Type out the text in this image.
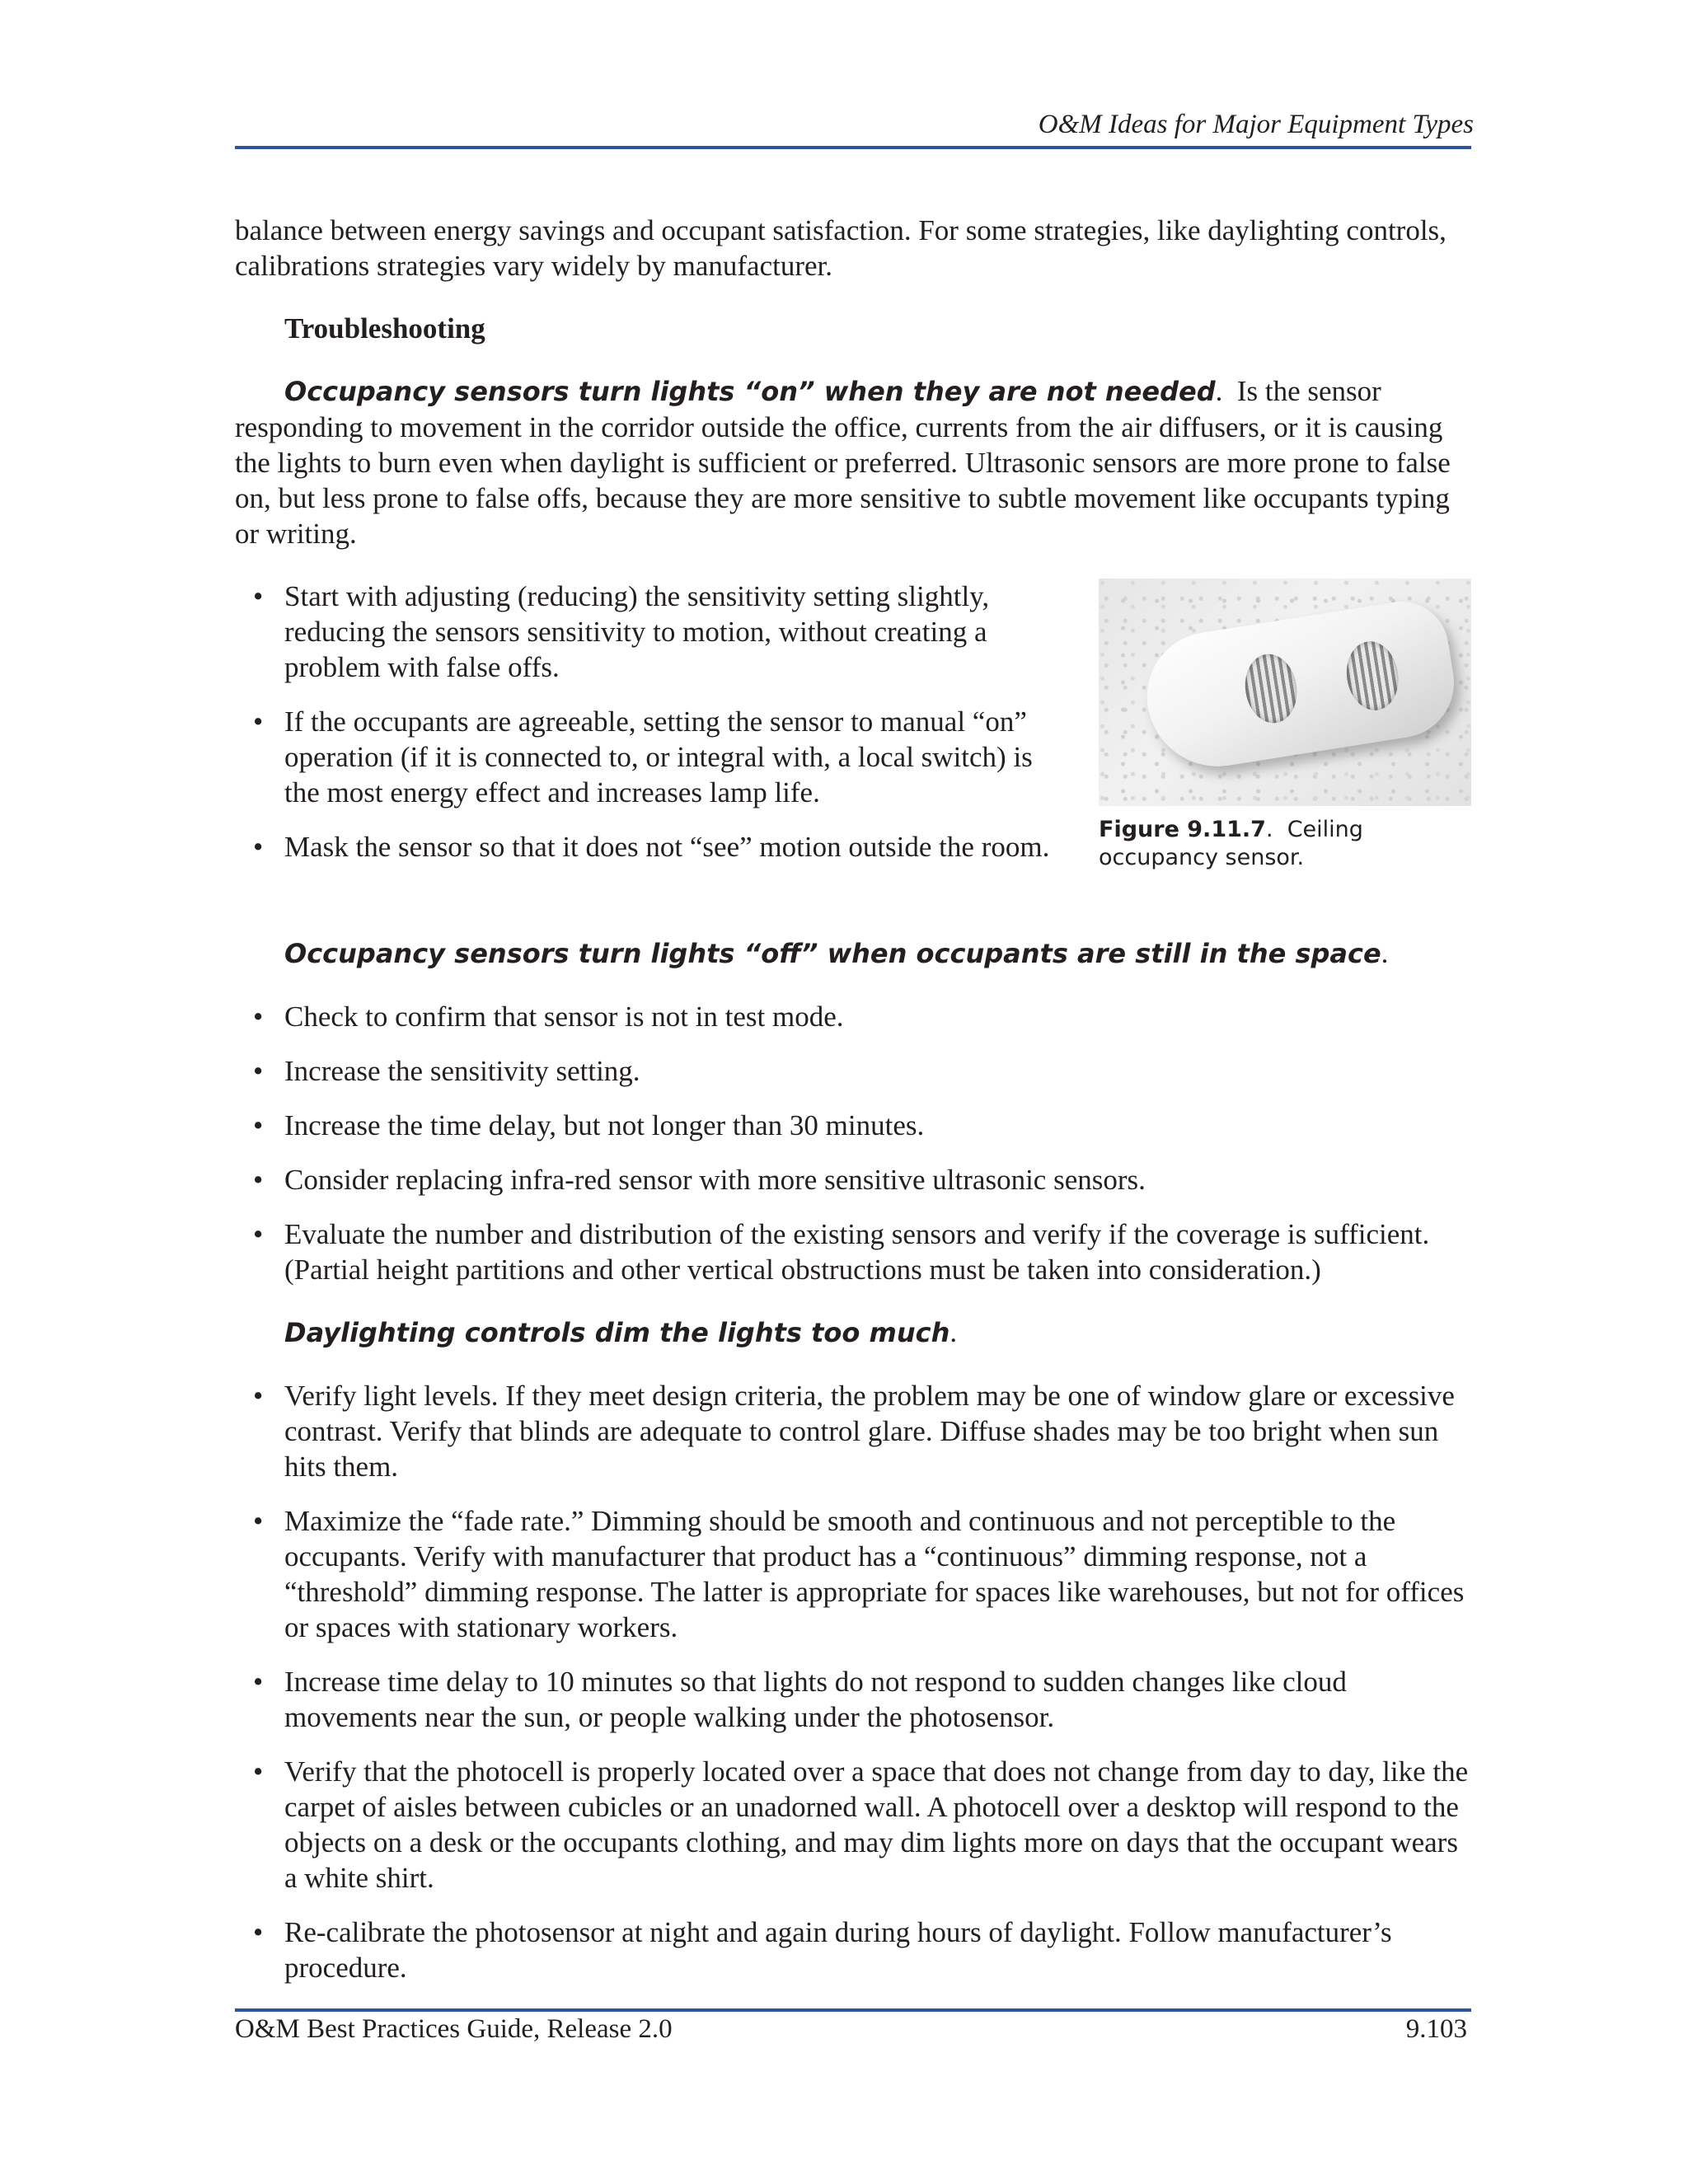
O&M Ideas for Major Equipment Types

balance between energy savings and occupant satisfaction. For some strategies, like daylighting controls, calibrations strategies vary widely by manufacturer.

Troubleshooting

Occupancy sensors turn lights “on” when they are not needed.  Is the sensor responding to movement in the corridor outside the office, currents from the air diffusers, or it is causing the lights to burn even when daylight is sufficient or preferred. Ultrasonic sensors are more prone to false on, but less prone to false offs, because they are more sensitive to subtle movement like occupants typing or writing.

• Start with adjusting (reducing) the sensitivity setting slightly, reducing the sensors sensitivity to motion, without creating a problem with false offs.
• If the occupants are agreeable, setting the sensor to manual “on” operation (if it is connected to, or integral with, a local switch) is the most energy effect and increases lamp life.
• Mask the sensor so that it does not “see” motion outside the room.
Figure 9.11.7.  Ceiling occupancy sensor.

Occupancy sensors turn lights “off” when occupants are still in the space.

• Check to confirm that sensor is not in test mode.
• Increase the sensitivity setting.
• Increase the time delay, but not longer than 30 minutes.
• Consider replacing infra-red sensor with more sensitive ultrasonic sensors.
• Evaluate the number and distribution of the existing sensors and verify if the coverage is sufficient. (Partial height partitions and other vertical obstructions must be taken into consideration.)

Daylighting controls dim the lights too much.

• Verify light levels. If they meet design criteria, the problem may be one of window glare or excessive contrast. Verify that blinds are adequate to control glare. Diffuse shades may be too bright when sun hits them.
• Maximize the “fade rate.” Dimming should be smooth and continuous and not perceptible to the occupants. Verify with manufacturer that product has a “continuous” dimming response, not a “threshold” dimming response. The latter is appropriate for spaces like warehouses, but not for offices or spaces with stationary workers.
• Increase time delay to 10 minutes so that lights do not respond to sudden changes like cloud movements near the sun, or people walking under the photosensor.
• Verify that the photocell is properly located over a space that does not change from day to day, like the carpet of aisles between cubicles or an unadorned wall. A photocell over a desktop will respond to the objects on a desk or the occupants clothing, and may dim lights more on days that the occupant wears a white shirt.
• Re-calibrate the photosensor at night and again during hours of daylight. Follow manufacturer’s procedure.
O&M Best Practices Guide, Release 2.0	9.103
